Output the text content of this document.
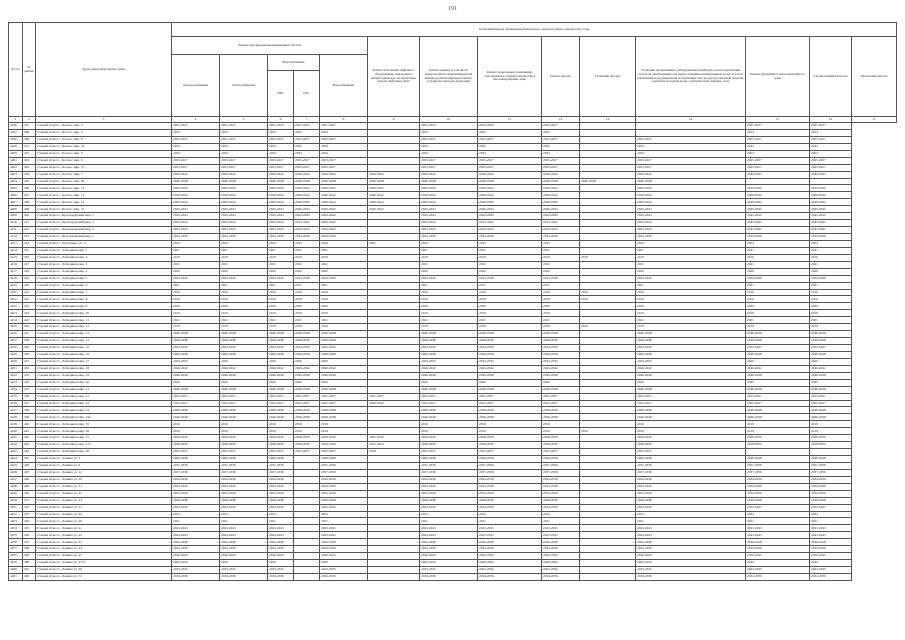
191
№ п/п	№ района	Адрес многоквартирного дома	Плановый период проведения капитального ремонта общего имущества, годы													
			Ремонт внутридомовых инженерных систем					Ремонт или замена лифтового оборудования, признанного непригодным для эксплуатации, ремонт лифтовых шахт	Ремонт крыши, в том числе переустройство невентилируемой крыши на вентилируемую крышу, устройство выходов на кровлю	Ремонт подвальных помещений, относящихся к общему имуществу в многоквартирном доме	Ремонт фасада	Утепление фасада	Установка коллективных (общедомовых) приборов учета потребления ресурсов, необходимых для предоставления коммунальных услуг, и узлов управления и регулирования потребления этих ресурсов (тепловой энергии, горячей и холодной воды, электрической энергии, газа)	Ремонт фундамента многоквартирного дома	Строительный контроль	Проектные работы
			Холодоснабжение	Теплоснабжение	Водоснабжение		Водоотведение									
					ХВС	ГВС										
1	2	3	4	5	6	7	8	9	10	11	12	13	14	15	16	17
4196	367	Старый Оскол г., Космос мкр, 3	2025-2027	2021-2027	2021-2022	2021-2022	2021-2027		2022-2023	2023-2025	2025-2027			2025-2027	2025-2027	
4197	368	Старый Оскол г., Космос мкр, 4	2024	2024	2024	2024	2024		2024	2024	2024			2024	2024	
4198	369	Старый Оскол г., Космос мкр, 8	2025-2027	2021-2027	2025-2027	2025-2027	2025-2027		2025-2027	2025-2027	2025-2027		2025-2027	2025-2027	2025-2027	
4199	401	Старый Оскол г., Космос мкр, 3а	2024	2024	2024	2024	2024		2024	2024	2024		2024	2024	2024	
4200	401	Старый Оскол г., Космос мкр, 4	2024	2024	2024	2024	2024		2024	2024	2024		2024	2024	2024	
4201	402	Старый Оскол г., Космос мкр, 6	2025-2027	2025-2027	2025-2027	2025-2027	2025-2027		2025-2027	2025-2027	2025-2027		2025-2027	2025-2027	2025-2027	
4202	403	Старый Оскол г., Космос мкр, 7а	2025-2027	2025-2027	2025-2027	2025-2027	2025-2027		2025-2027	2025-2027	2025-2027		2025-2027	2025-2027	2025-2027	
4203	404	Старый Оскол г., Космос мкр, 7	2040-2042	2040-2042	2040-2042	2040-2042	2040-2042	2040-2042	2040-2042	2040-2042	2040-2042		2040-2042	2040-2042	2040-2042	
4204	405	Старый Оскол г., Космос мкр, 9в	2046-2048	2046-2048	2046-2048	2046-2048	2046-2048	2046-2048	2046-2048	2046-2048	2046-2048	2046-2048	2046-2048			
4205	406	Старый Оскол г., Космос мкр, 12	2040-2042	2040-2042	2040-2042	2040-2042	2040-2042	2040-2042	2040-2042	2040-2042	2040-2042		2040-2042	2040-2042	2040-2042	
4206	407	Старый Оскол г., Космос мкр, 13	2040-2042	2040-2042	2040-2042	2040-2042	2040-2042	2040-2042	2040-2042	2040-2042	2040-2042		2040-2042	2040-2042	2040-2042	
4207	408	Старый Оскол г., Космос мкр, 14	2040-2042	2040-2042	2040-2042	2040-2042	2040-2042	2040-2042	2040-2042	2040-2042	2040-2042		2040-2042	2040-2042	2040-2042	
4208	409	Старый Оскол г., Космос мкр, 15	2040-2042	2040-2042	2040-2042	2040-2042	2040-2042	2040-2042	2040-2042	2040-2042	2040-2042		2040-2042	2040-2042	2040-2042	
4209	410	Старый Оскол г., Краснодарский мкр, 1	2043-2045	2043-2045	2043-2045	2043-2045	2043-2045		2043-2045	2043-2045	2043-2045		2043-2045	2043-2045	2043-2045	
4210	411	Старый Оскол г., Краснодарский мкр, 2	2043-2045	2043-2045	2043-2045	2043-2045	2043-2045		2043-2045	2043-2045	2043-2045		2043-2045	2043-2045	2043-2045	
4211	412	Старый Оскол г., Краснодарский мкр, 3	2043-2045	2043-2045	2043-2045	2043-2045	2043-2045		2043-2045	2043-2045	2043-2045		2043-2045	2043-2045	2043-2045	
4212	413	Старый Оскол г., Краснодарский мкр, 5	2034-2036	2034-2036	2034-2036	2034-2036	2034-2036		2034-2036	2034-2036	2034-2036		2034-2036	2034-2036	2034-2036	
4213	414	Старый Оскол г., Крутенько ул, 17	2024	2024	2024	2024	2024	2025	2024	2024	2024		2024	2024	2024	
4214	415	Старый Оскол г., Лебединец мкр, 1	2021	2021	2021	2021	2021		2021	2021	2021		2021	2021	2021	
4215	416	Старый Оскол г., Лебединец мкр, 2	2019	2019	2019	2019	2019		2019	2019	2019	2019	2019	2019	2019	
4216	417	Старый Оскол г., Лебединец мкр, 3	2021	2021	2021	2021	2021		2021	2021	2021		2021	2021	2021	
4217	418	Старый Оскол г., Лебединец мкр, 4	2020	2020	2020	2020	2020		2020	2020	2020		2020	2020	2020	
4218	419	Старый Оскол г., Лебединец мкр, 5	2034-2036	2034-2036	2034-2036	2034-2036	2034-2036		2034-2036	2034-2036	2034-2036		2034-2036	2034-2036	2034-2036	
4219	420	Старый Оскол г., Лебединец мкр, 6	2021	2021	2021	2021	2021		2021	2021	2021		2021	2021	2021	
4220	421	Старый Оскол г., Лебединец мкр, 7	2019	2019	2019	2019	2019		2019	2019	2019	2019	2019	2019	2019	
4221	422	Старый Оскол г., Лебединец мкр, 8	2019	2019	2019	2019	2019		2019	2019	2019	2019	2019	2019	2019	
4222	423	Старый Оскол г., Лебединец мкр, 9	2020	2020	2020	2020	2020		2020	2020	2020		2020	2020	2020	
4223	424	Старый Оскол г., Лебединец мкр, 10	2019	2019	2019	2019	2019		2019	2019	2019		2019	2019	2019	
4224	425	Старый Оскол г., Лебединец мкр, 11	2021	2021	2021	2021	2021		2021	2021	2021		2021	2021	2021	
4225	426	Старый Оскол г., Лебединец мкр, 12	2019	2019	2019	2019	2019		2019	2019	2019	2019	2019	2019	2019	
4226	427	Старый Оскол г., Лебединец мкр, 13	2046-2048	2046-2048	2046-2048	2046-2048	2046-2048		2046-2048	2046-2048	2046-2048		2046-2048	2046-2048	2046-2048	
4227	428	Старый Оскол г., Лебединец мкр, 14	2046-2048	2046-2048	2046-2048	2046-2048	2046-2048		2046-2048	2046-2048	2046-2048		2046-2048	2046-2048	2046-2048	
4228	429	Старый Оскол г., Лебединец мкр, 15	2043-2045	2043-2045	2043-2045	2043-2045	2043-2045		2043-2045	2043-2045	2043-2045		2043-2045	2043-2045	2043-2045	
4229	430	Старый Оскол г., Лебединец мкр, 16	2046-2048	2046-2048	2046-2048	2046-2048	2046-2048		2046-2048	2046-2048	2046-2048		2046-2048	2046-2048	2046-2048	
4230	431	Старый Оскол г., Лебединец мкр, 17	2043-2045	2020	2020	2020	2020		2043-2045	2043-2045	2043-2045		2043-2045	2020	2020	
4231	432	Старый Оскол г., Лебединец мкр, 18	2040-2042	2040-2042	2040-2042	2040-2042	2040-2042		2040-2042	2040-2042	2040-2042		2040-2042	2040-2042	2040-2042	
4232	433	Старый Оскол г., Лебединец мкр, 19	2046-2048	2046-2048	2046-2048	2046-2048	2046-2048		2046-2048	2046-2048	2046-2048		2046-2048	2046-2048	2046-2048	
4233	434	Старый Оскол г., Лебединец мкр, 20	2020	2020	2020	2020	2020		2020	2020	2020		2020	2020	2020	
4234	435	Старый Оскол г., Лебединец мкр, 21	2046-2048	2046-2048	2046-2048	2046-2048	2046-2048		2046-2048	2046-2048	2046-2048		2046-2048	2046-2048	2046-2048	
4235	436	Старый Оскол г., Лебединец мкр, 22	2025-2027	2025-2027	2025-2027	2025-2027	2025-2027	2025-2027	2025-2027	2025-2027	2025-2027		2025-2027	2025-2027	2025-2027	
4236	437	Старый Оскол г., Лебединец мкр, 23	2025-2027	2025-2027	2025-2027	2025-2027	2025-2027	2040-2042	2025-2027	2025-2027	2025-2027		2025-2027	2025-2027	2025-2027	
4237	438	Старый Оскол г., Лебединец мкр, 24	2046-2048	2046-2048	2046-2048	2046-2048	2046-2048		2046-2048	2046-2048	2046-2048		2046-2048	2046-2048	2046-2048	
4238	439	Старый Оскол г., Лебединец мкр, 34а	2046-2048	2046-2048	2046-2048	2046-2048	2046-2048		2046-2048	2046-2048	2046-2048		2046-2048	2046-2048	2046-2048	
4239	440	Старый Оскол г., Лебединец мкр, 35	2019	2019	2019	2019	2019		2019	2019	2019		2019	2019	2019	
4240	441	Старый Оскол г., Лебединец мкр, 36	2019	2019	2019	2019	2019		2019	2019	2019	2019	2019	2019	2019	
4241	442	Старый Оскол г., Лебединец мкр, 37	2028-2030	2028-2030	2028-2030	2028-2030	2028-2030	2025-2030	2028-2030	2028-2030	2028-2030		2028-2030	2028-2030	2028-2030	
4242	443	Старый Оскол г., Лебединец мкр, 37а	2028-2030	2028-2030	2028-2030	2028-2030	2028-2030	2022-2024	2028-2030	2028-2030	2028-2030		2028-2030	2028-2030	2028-2030	
4243	444	Старый Оскол г., Лебединец мкр, 38	2025-2027	2025-2027	2025-2027	2025-2027	2025-2027	2019	2025-2027	2025-2027	2025-2027		2025-2027			
4244	445	Старый Оскол г., Ленина ул, 2	2046-2048	2046-2048	2046-2048		2046-2048		2046-2048	2046-2048	2046-2048		2046-2048	2046-2048	2046-2048	
4245	446	Старый Оскол г., Ленина ул, 6	2037-2039	2037-2039	2037-2039		2037-2039		2037-2039	2037-2039	2037-2039		2037-2039	2037-2039	2037-2039	
4246	447	Старый Оскол г., Ленина ул, 12	2037-2039	2037-2039	2037-2039		2037-2039		2037-2039	2037-2039	2037-2039		2037-2039	2037-2039	2037-2039	
4247	448	Старый Оскол г., Ленина ул, 30	2034-2036	2034-2036	2034-2036		2034-2036		2034-2036	2034-2036	2034-2036		2034-2036	2034-2036	2034-2036	
4248	449	Старый Оскол г., Ленина ул, 31	2034-2036	2034-2036	2034-2036		2034-2036		2034-2036	2034-2036	2034-2036		2034-2036	2034-2036	2034-2036	
4249	450	Старый Оскол г., Ленина ул, 32	2034-2036	2034-2036	2034-2036		2034-2036		2034-2036	2034-2036	2034-2036		2034-2036	2034-2036	2034-2036	
4250	451	Старый Оскол г., Ленина ул, 33	2046-2048	2046-2048	2046-2048		2046-2048		2046-2048	2046-2048	2046-2048		2046-2048	2046-2048	2046-2048	
4251	452	Старый Оскол г., Ленина ул, 37	2043-2045	2043-2045	2043-2045		2043-2045		2043-2045	2043-2045	2043-2045		2043-2045	2043-2045	2043-2045	
4252	453	Старый Оскол г., Ленина ул, 39	2024	2024	2024		2024		2024	2024	2024		2024	2024	2024	
4253	454	Старый Оскол г., Ленина ул, 40	2021	2021	2021		2021		2021	2021	2021		2021	2021	2021	
4254	455	Старый Оскол г., Ленина ул, 41	2043-2045	2043-2045	2043-2045		2043-2045		2043-2045	2043-2045	2043-2045		2043-2045	2043-2045	2043-2045	
4255	456	Старый Оскол г., Ленина ул, 42	2043-2045	2043-2045	2043-2045		2043-2045		2043-2045	2043-2045	2043-2045		2043-2045	2043-2045	2043-2045	
4256	457	Старый Оскол г., Ленина ул, 43	2046-2048	2046-2048	2046-2048		2046-2048		2046-2048	2046-2048	2046-2048		2046-2048	2046-2048	2046-2048	
4257	458	Старый Оскол г., Ленина ул, 44	2034-2036	2034-2036	2034-2036		2034-2036		2034-2036	2034-2036	2034-2036		2034-2036	2034-2036	2034-2036	
4258	459	Старый Оскол г., Ленина ул, 45	2040-2042	2040-2042	2040-2042		2040-2042		2040-2042	2040-2042	2040-2042		2040-2042	2040-2042	2040-2042	
4259	460	Старый Оскол г., Ленина ул, 47/8	2040-2042	2020	2020		2020		2040-2042	2040-2042	2040-2042		2040-2042	2020	2020	
4260	461	Старый Оскол г., Ленина ул, 50	2043-2045	2043-2045	2043-2045		2043-2045		2043-2045	2043-2045	2043-2045		2043-2045	2043-2045	2043-2045	
4261	462	Старый Оскол г., Ленина ул, 72	2034-2036	2034-2036	2034-2036		2034-2036		2034-2036	2034-2036	2034-2036		2034-2036	2034-2036	2034-2036	
